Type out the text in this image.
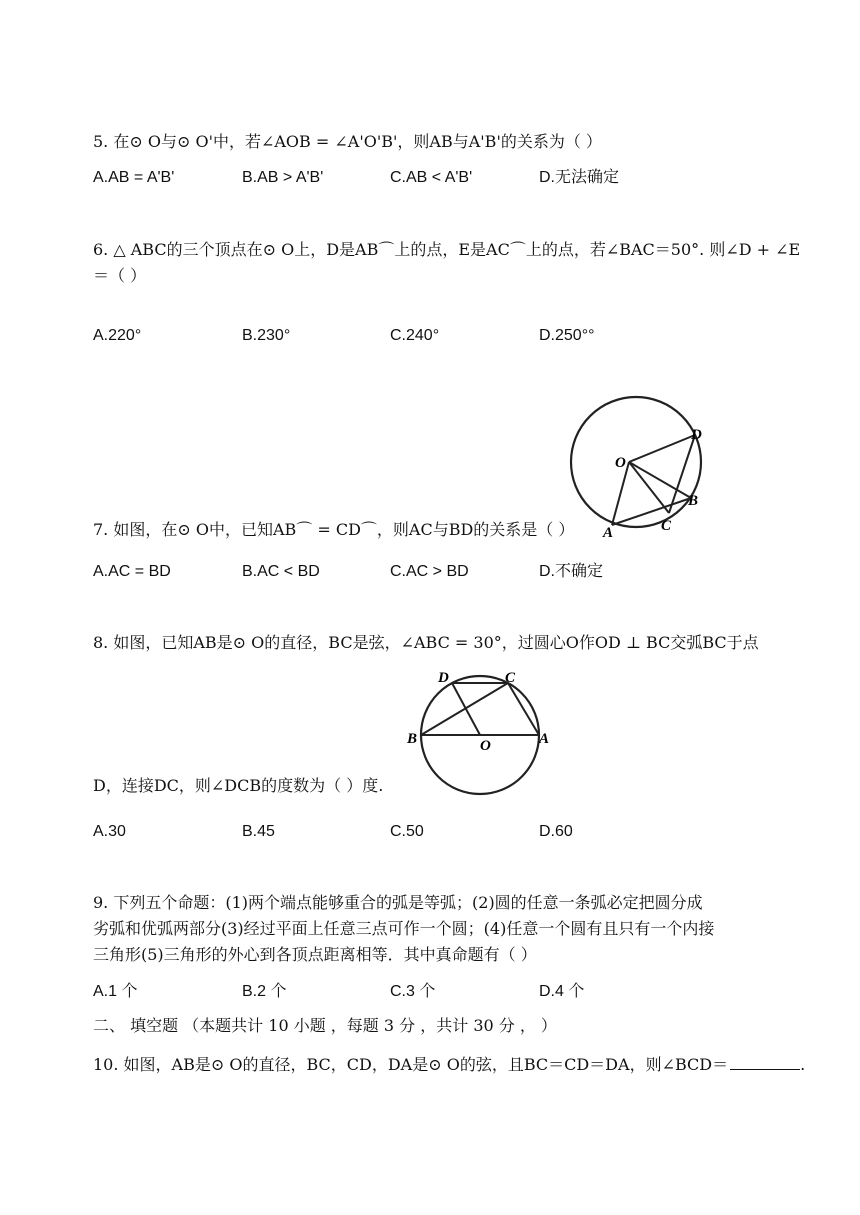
5. 在⊙ O与⊙ O'中，若∠AOB = ∠A'O'B'，则AB与A'B'的关系为（ ）
A.AB = A'B'	B.AB > A'B'	C.AB < A'B'	D.无法确定
6. △ ABC的三个顶点在⊙ O上，D是AB⌒上的点，E是AC⌒上的点，若∠BAC＝50°. 则∠D + ∠E
＝（ ）
A.220°	B.230°	C.240°	D.250°°
O
D
B
A	C
7. 如图，在⊙ O中，已知AB⌒ = CD⌒，则AC与BD的关系是（ ）
A.AC = BD	B.AC < BD	C.AC > BD	D.不确定
8. 如图，已知AB是⊙ O的直径，BC是弦，∠ABC = 30°，过圆心O作OD ⊥ BC交弧BC于点
D	C
B	O	A
D，连接DC，则∠DCB的度数为（ ）度.
A.30	B.45	C.50	D.60
9. 下列五个命题：(1)两个端点能够重合的弧是等弧；(2)圆的任意一条弧必定把圆分成
劣弧和优弧两部分(3)经过平面上任意三点可作一个圆；(4)任意一个圆有且只有一个内接
三角形(5)三角形的外心到各顶点距离相等．其中真命题有（ ）
A.1 个	B.2 个	C.3 个	D.4 个
二、 填空题 （本题共计 10 小题 ，每题 3 分 ，共计 30 分 ， ）
10. 如图，AB是⊙ O的直径，BC，CD，DA是⊙ O的弦，且BC＝CD＝DA，则∠BCD＝	.
